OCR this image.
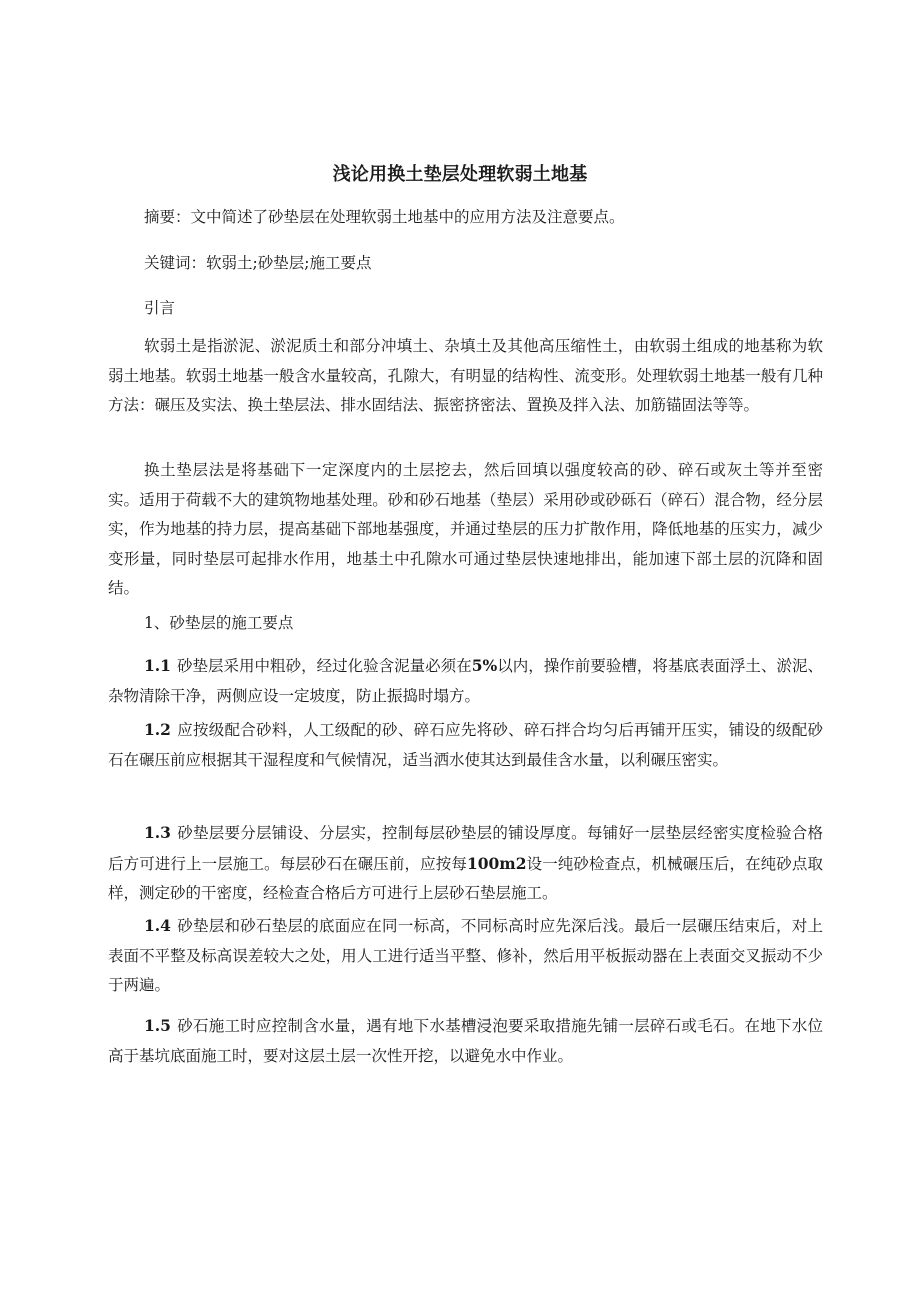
浅论用换土垫层处理软弱土地基
摘要：文中简述了砂垫层在处理软弱土地基中的应用方法及注意要点。
关键词：软弱土;砂垫层;施工要点
引言
软弱土是指淤泥、淤泥质土和部分冲填土、杂填土及其他高压缩性土，由软弱土组成的地基称为软弱土地基。软弱土地基一般含水量较高，孔隙大，有明显的结构性、流变形。处理软弱土地基一般有几种方法：碾压及实法、换土垫层法、排水固结法、振密挤密法、置换及拌入法、加筋锚固法等等。
换土垫层法是将基础下一定深度内的土层挖去，然后回填以强度较高的砂、碎石或灰土等并至密实。适用于荷载不大的建筑物地基处理。砂和砂石地基（垫层）采用砂或砂砾石（碎石）混合物，经分层实，作为地基的持力层，提高基础下部地基强度，并通过垫层的压力扩散作用，降低地基的压实力，减少变形量，同时垫层可起排水作用，地基土中孔隙水可通过垫层快速地排出，能加速下部土层的沉降和固结。
1、砂垫层的施工要点
1.1 砂垫层采用中粗砂，经过化验含泥量必须在5%以内，操作前要验槽，将基底表面浮土、淤泥、杂物清除干净，两侧应设一定坡度，防止振捣时塌方。
1.2 应按级配合砂料，人工级配的砂、碎石应先将砂、碎石拌合均匀后再铺开压实，铺设的级配砂石在碾压前应根据其干湿程度和气候情况，适当洒水使其达到最佳含水量，以利碾压密实。
1.3 砂垫层要分层铺设、分层实，控制每层砂垫层的铺设厚度。每铺好一层垫层经密实度检验合格后方可进行上一层施工。每层砂石在碾压前，应按每100m2设一纯砂检查点，机械碾压后，在纯砂点取样，测定砂的干密度，经检查合格后方可进行上层砂石垫层施工。
1.4 砂垫层和砂石垫层的底面应在同一标高，不同标高时应先深后浅。最后一层碾压结束后，对上表面不平整及标高误差较大之处，用人工进行适当平整、修补，然后用平板振动器在上表面交叉振动不少于两遍。
1.5 砂石施工时应控制含水量，遇有地下水基槽浸泡要采取措施先铺一层碎石或毛石。在地下水位高于基坑底面施工时，要对这层土层一次性开挖，以避免水中作业。
